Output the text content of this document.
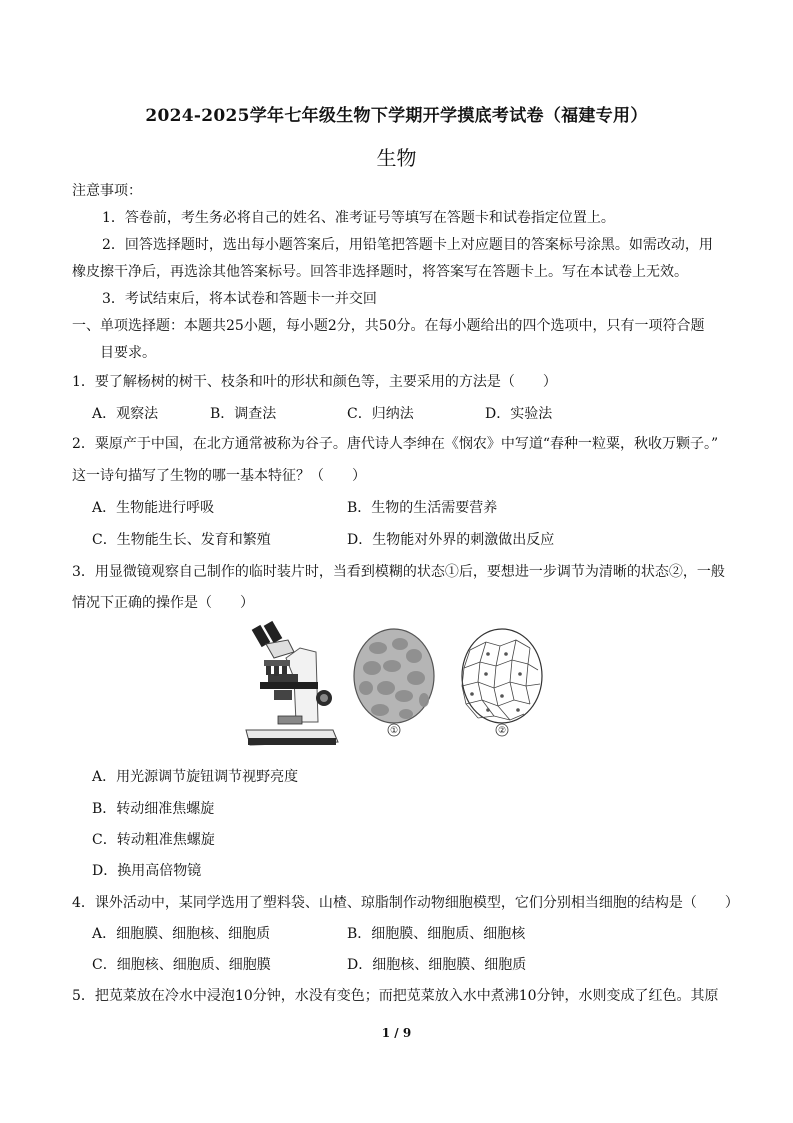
2024-2025学年七年级生物下学期开学摸底考试卷（福建专用）
生物
注意事项：
1．答卷前，考生务必将自己的姓名、准考证号等填写在答题卡和试卷指定位置上。
2．回答选择题时，选出每小题答案后，用铅笔把答题卡上对应题目的答案标号涂黑。如需改动，用
橡皮擦干净后，再选涂其他答案标号。回答非选择题时，将答案写在答题卡上。写在本试卷上无效。
3．考试结束后，将本试卷和答题卡一并交回
一、单项选择题：本题共25小题，每小题2分，共50分。在每小题给出的四个选项中，只有一项符合题
目要求。
1．要了解杨树的树干、枝条和叶的形状和颜色等，主要采用的方法是（　　）
A．观察法	B．调查法	C．归纳法	D．实验法
2．粟原产于中国，在北方通常被称为谷子。唐代诗人李绅在《悯农》中写道“春种一粒粟，秋收万颗子。”
这一诗句描写了生物的哪一基本特征？（　　）
A．生物能进行呼吸	B．生物的生活需要营养
C．生物能生长、发育和繁殖	D．生物能对外界的刺激做出反应
3．用显微镜观察自己制作的临时装片时，当看到模糊的状态①后，要想进一步调节为清晰的状态②，一般
情况下正确的操作是（　　）
①	②
A．用光源调节旋钮调节视野亮度
B．转动细准焦螺旋
C．转动粗准焦螺旋
D．换用高倍物镜
4．课外活动中，某同学选用了塑料袋、山楂、琼脂制作动物细胞模型，它们分别相当细胞的结构是（　　）
A．细胞膜、细胞核、细胞质	B．细胞膜、细胞质、细胞核
C．细胞核、细胞质、细胞膜	D．细胞核、细胞膜、细胞质
5．把苋菜放在冷水中浸泡10分钟，水没有变色；而把苋菜放入水中煮沸10分钟，水则变成了红色。其原
1 / 9
